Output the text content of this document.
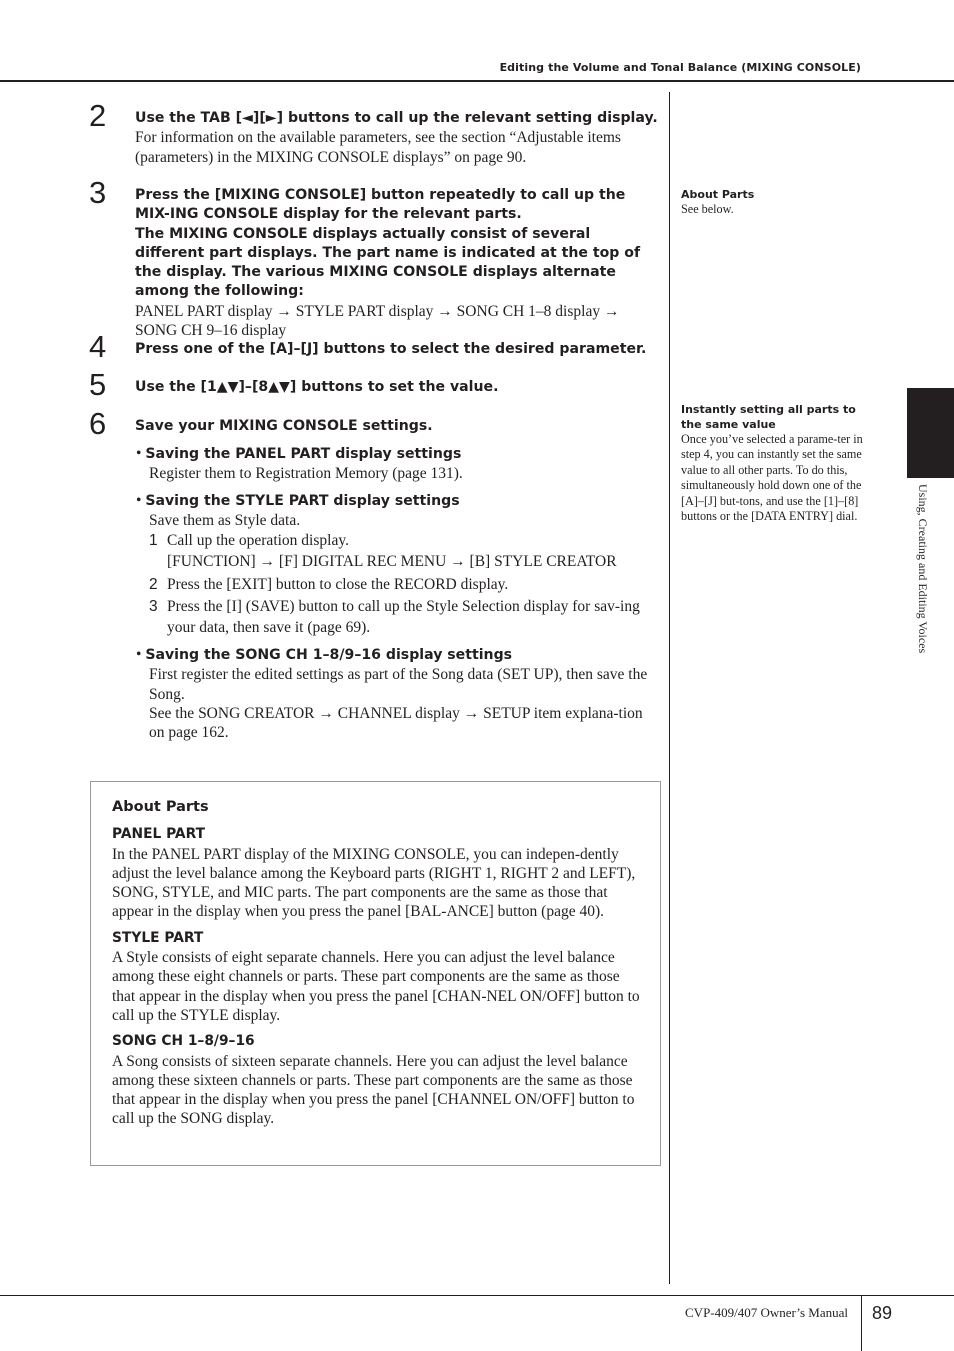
Editing the Volume and Tonal Balance (MIXING CONSOLE)
2 Use the TAB [◄][►] buttons to call up the relevant setting display.
For information on the available parameters, see the section “Adjustable items (parameters) in the MIXING CONSOLE displays” on page 90.
3 Press the [MIXING CONSOLE] button repeatedly to call up the MIX-ING CONSOLE display for the relevant parts.
The MIXING CONSOLE displays actually consist of several different part displays. The part name is indicated at the top of the display. The various MIXING CONSOLE displays alternate among the following:
PANEL PART display → STYLE PART display → SONG CH 1–8 display → SONG CH 9–16 display
4 Press one of the [A]–[J] buttons to select the desired parameter.
5 Use the [1▲▼]–[8▲▼] buttons to set the value.
6 Save your MIXING CONSOLE settings.
• Saving the PANEL PART display settings
Register them to Registration Memory (page 131).
• Saving the STYLE PART display settings
Save them as Style data.
1 Call up the operation display.
[FUNCTION] → [F] DIGITAL REC MENU → [B] STYLE CREATOR
2 Press the [EXIT] button to close the RECORD display.
3 Press the [I] (SAVE) button to call up the Style Selection display for sav-ing your data, then save it (page 69).
• Saving the SONG CH 1–8/9–16 display settings
First register the edited settings as part of the Song data (SET UP), then save the Song.
See the SONG CREATOR → CHANNEL display → SETUP item explana-tion on page 162.
About Parts
PANEL PART
In the PANEL PART display of the MIXING CONSOLE, you can indepen-dently adjust the level balance among the Keyboard parts (RIGHT 1, RIGHT 2 and LEFT), SONG, STYLE, and MIC parts. The part components are the same as those that appear in the display when you press the panel [BAL-ANCE] button (page 40).
STYLE PART
A Style consists of eight separate channels. Here you can adjust the level balance among these eight channels or parts. These part components are the same as those that appear in the display when you press the panel [CHAN-NEL ON/OFF] button to call up the STYLE display.
SONG CH 1–8/9–16
A Song consists of sixteen separate channels. Here you can adjust the level balance among these sixteen channels or parts. These part components are the same as those that appear in the display when you press the panel [CHANNEL ON/OFF] button to call up the SONG display.
About Parts
See below.
Instantly setting all parts to the same value
Once you’ve selected a parame-ter in step 4, you can instantly set the same value to all other parts. To do this, simultaneously hold down one of the [A]–[J] but-tons, and use the [1]–[8] buttons or the [DATA ENTRY] dial.	Using, Creating and Editing Voices
CVP-409/407 Owner’s Manual 89
